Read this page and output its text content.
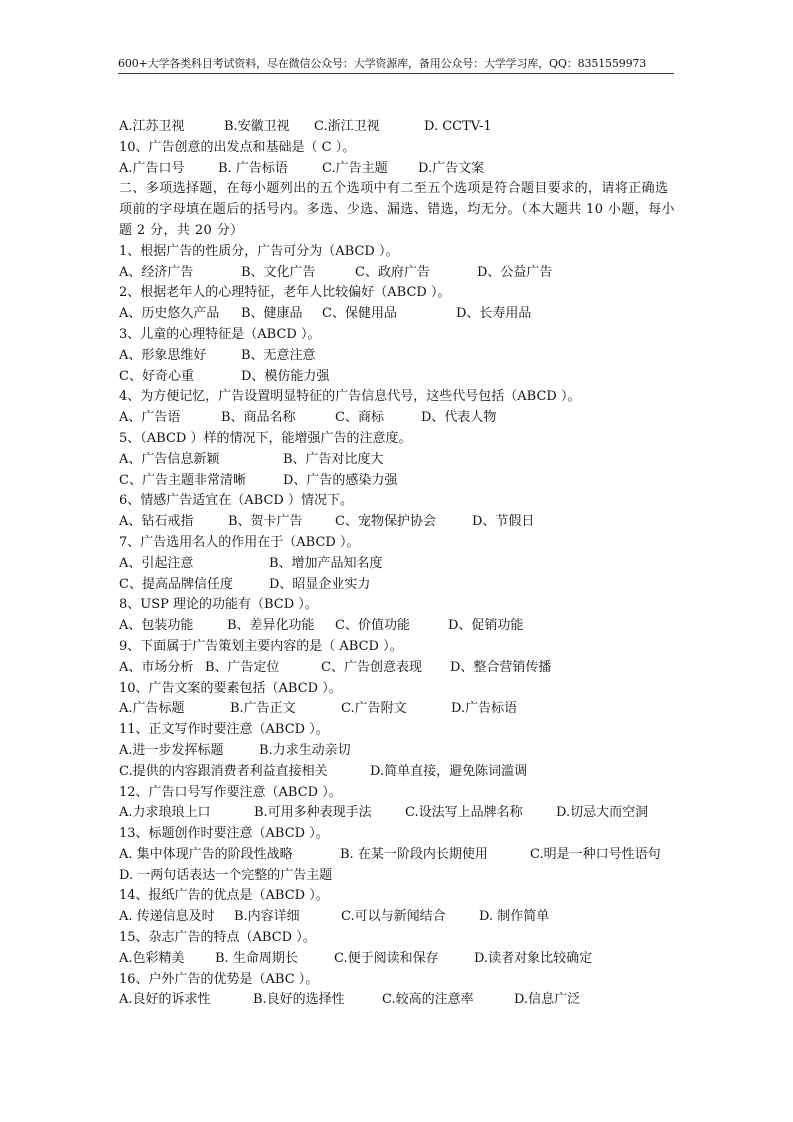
600+大学各类科目考试资料，尽在微信公众号：大学资源库，备用公众号：大学学习库，QQ：8351559973
A.江苏卫视	B.安徽卫视 C.浙江卫视	D. CCTV-1
10、广告创意的出发点和基础是（ C ）。
A.广告口号	B. 广告标语	C.广告主题 D.广告文案
二、多项选择题，在每小题列出的五个选项中有二至五个选项是符合题目要求的，请将正确选项前的字母填在题后的括号内。多选、少选、漏选、错选，均无分。（本大题共 10 小题，每小题 2 分，共 20 分）
1、根据广告的性质分，广告可分为（ABCD ）。
A、经济广告	B、文化广告	C、政府广告	D、公益广告
2、根据老年人的心理特征，老年人比较偏好（ABCD ）。
A、历史悠久产品 B、健康品 C、保健用品	D、长寿用品
3、儿童的心理特征是（ABCD ）。
A、形象思维好	B、无意注意
C、好奇心重	D、模仿能力强
4、为方便记忆，广告设置明显特征的广告信息代号，这些代号包括（ABCD ）。
A、广告语	B、商品名称	C、商标	D、代表人物
5、（ABCD ）样的情况下，能增强广告的注意度。
A、广告信息新颖	B、广告对比度大
C、广告主题非常清晰	D、广告的感染力强
6、情感广告适宜在（ABCD ）情况下。
A、钻石戒指	B、贺卡广告 C、宠物保护协会	D、节假日
7、广告选用名人的作用在于（ABCD ）。
A、引起注意	B、增加产品知名度
C、提高品牌信任度	D、昭显企业实力
8、USP 理论的功能有（BCD ）。
A、包装功能	B、差异化功能 C、价值功能	D、促销功能
9、下面属于广告策划主要内容的是（ ABCD ）。
A、市场分析 B、广告定位	C、广告创意表现 D、整合营销传播
10、广告文案的要素包括（ABCD ）。
A.广告标题	B.广告正文	C.广告附文	D.广告标语
11、正文写作时要注意（ABCD ）。
A.进一步发挥标题	B.力求生动亲切
C.提供的内容跟消费者利益直接相关	D.简单直接，避免陈词滥调
12、广告口号写作要注意（ABCD ）。
A.力求琅琅上口	B.可用多种表现手法	C.设法写上品牌名称	D.切忌大而空洞
13、标题创作时要注意（ABCD ）。
A. 集中体现广告的阶段性战略	B. 在某一阶段内长期使用	C.明是一种口号性语句
D. 一两句话表达一个完整的广告主题
14、报纸广告的优点是（ABCD ）。
A. 传递信息及时 B.内容详细	C.可以与新闻结合	D. 制作简单
15、杂志广告的特点（ABCD ）。
A.色彩精美 B. 生命周期长	C.便于阅读和保存	D.读者对象比较确定
16、户外广告的优势是（ABC ）。
A.良好的诉求性	B.良好的选择性	C.较高的注意率	D.信息广泛
